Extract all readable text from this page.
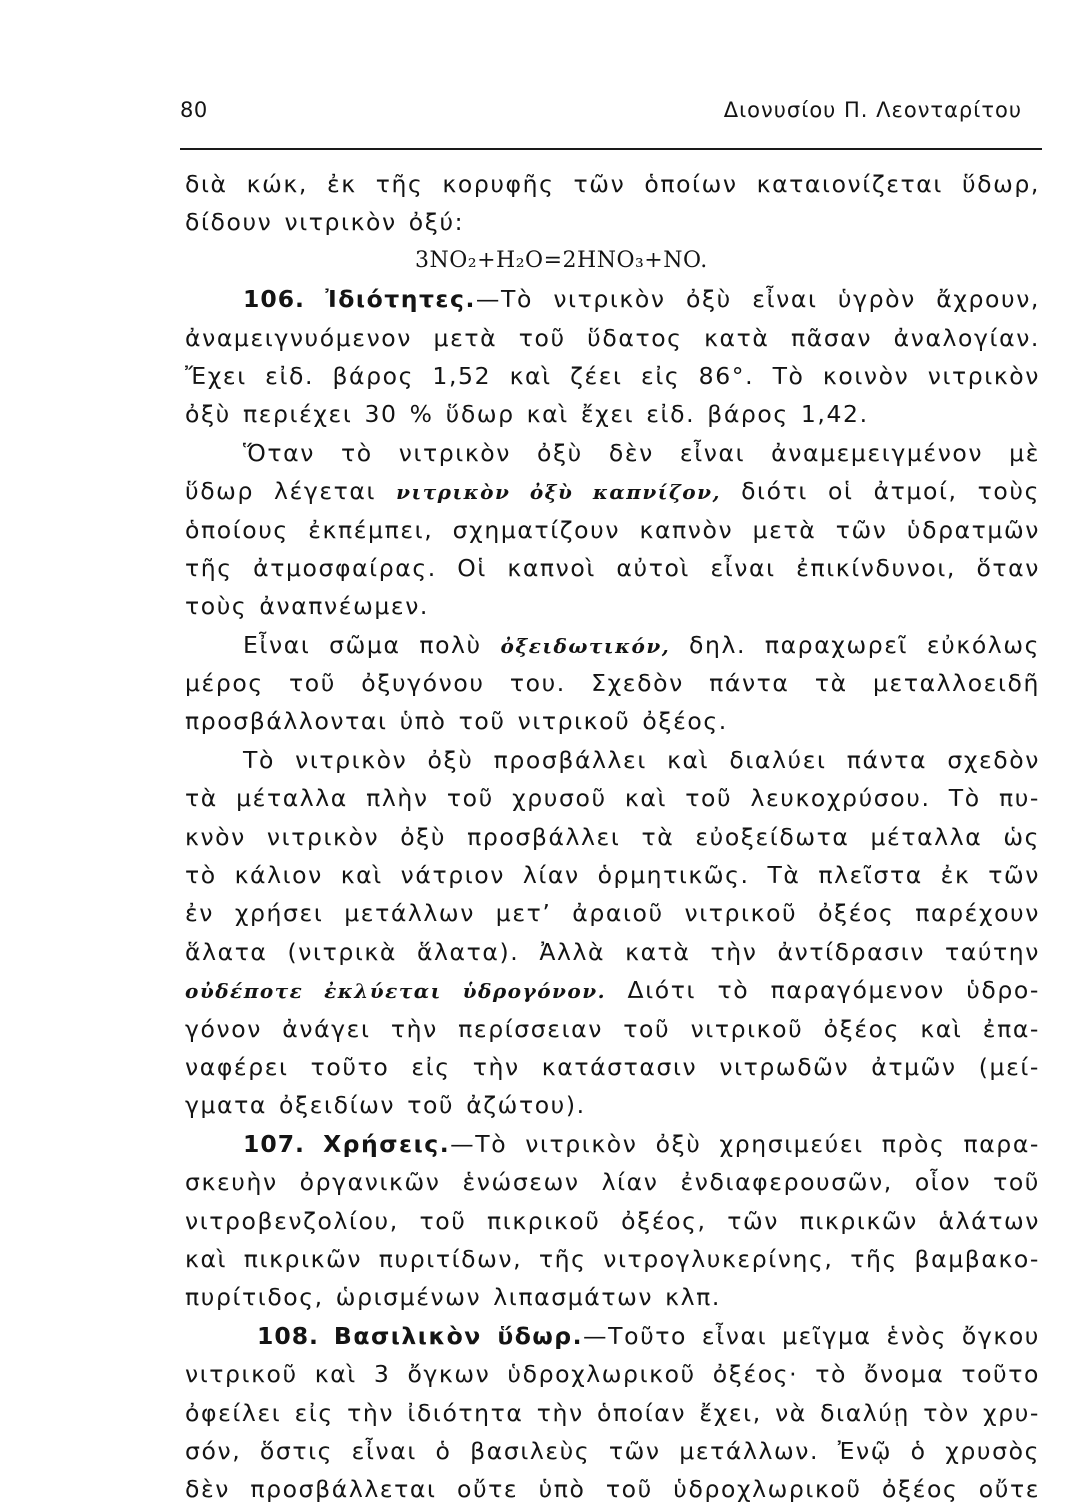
80	Διονυσίου Π. Λεονταρίτου
διὰ κώκ, ἐκ τῆς κορυφῆς τῶν ὁποίων καταιονίζεται ὕδωρ,
δίδουν νιτρικὸν ὀξύ:
3NO₂+H₂O=2HNO₃+NO.
106. Ἰδιότητες.—Τὸ νιτρικὸν ὀξὺ εἶναι ὑγρὸν ἄχρουν,
ἀναμειγνυόμενον μετὰ τοῦ ὕδατος κατὰ πᾶσαν ἀναλογίαν.
Ἔχει εἰδ. βάρος 1,52 καὶ ζέει εἰς 86°. Τὸ κοινὸν νιτρικὸν
ὀξὺ περιέχει 30 % ὕδωρ καὶ ἔχει εἰδ. βάρος 1,42.
Ὅταν τὸ νιτρικὸν ὀξὺ δὲν εἶναι ἀναμεμειγμένον μὲ
ὕδωρ λέγεται νιτρικὸν ὀξὺ καπνίζον, διότι οἱ ἀτμοί, τοὺς
ὁποίους ἐκπέμπει, σχηματίζουν καπνὸν μετὰ τῶν ὑδρατμῶν
τῆς ἀτμοσφαίρας. Οἱ καπνοὶ αὐτοὶ εἶναι ἐπικίνδυνοι, ὅταν
τοὺς ἀναπνέωμεν.
Εἶναι σῶμα πολὺ ὀξειδωτικόν, δηλ. παραχωρεῖ εὐκόλως
μέρος τοῦ ὀξυγόνου του. Σχεδὸν πάντα τὰ μεταλλοειδῆ
προσβάλλονται ὑπὸ τοῦ νιτρικοῦ ὀξέος.
Τὸ νιτρικὸν ὀξὺ προσβάλλει καὶ διαλύει πάντα σχεδὸν
τὰ μέταλλα πλὴν τοῦ χρυσοῦ καὶ τοῦ λευκοχρύσου. Τὸ πυ-
κνὸν νιτρικὸν ὀξὺ προσβάλλει τὰ εὐοξείδωτα μέταλλα ὡς
τὸ κάλιον καὶ νάτριον λίαν ὁρμητικῶς. Τὰ πλεῖστα ἐκ τῶν
ἐν χρήσει μετάλλων μετ’ ἀραιοῦ νιτρικοῦ ὀξέος παρέχουν
ἅλατα (νιτρικὰ ἅλατα). Ἀλλὰ κατὰ τὴν ἀντίδρασιν ταύτην
οὐδέποτε ἐκλύεται ὑδρογόνον. Διότι τὸ παραγόμενον ὑδρο-
γόνον ἀνάγει τὴν περίσσειαν τοῦ νιτρικοῦ ὀξέος καὶ ἐπα-
ναφέρει τοῦτο εἰς τὴν κατάστασιν νιτρωδῶν ἀτμῶν (μεί-
γματα ὀξειδίων τοῦ ἀζώτου).
107. Χρήσεις.—Τὸ νιτρικὸν ὀξὺ χρησιμεύει πρὸς παρα-
σκευὴν ὀργανικῶν ἑνώσεων λίαν ἐνδιαφερουσῶν, οἷον τοῦ
νιτροβενζολίου, τοῦ πικρικοῦ ὀξέος, τῶν πικρικῶν ἁλάτων
καὶ πικρικῶν πυριτίδων, τῆς νιτρογλυκερίνης, τῆς βαμβακο-
πυρίτιδος, ὡρισμένων λιπασμάτων κλπ.
108. Βασιλικὸν ὕδωρ.—Τοῦτο εἶναι μεῖγμα ἑνὸς ὄγκου
νιτρικοῦ καὶ 3 ὄγκων ὑδροχλωρικοῦ ὀξέος· τὸ ὄνομα τοῦτο
ὀφείλει εἰς τὴν ἰδιότητα τὴν ὁποίαν ἔχει, νὰ διαλύῃ τὸν χρυ-
σόν, ὅστις εἶναι ὁ βασιλεὺς τῶν μετάλλων. Ἐνῷ ὁ χρυσὸς
δὲν προσβάλλεται οὔτε ὑπὸ τοῦ ὑδροχλωρικοῦ ὀξέος οὔτε
